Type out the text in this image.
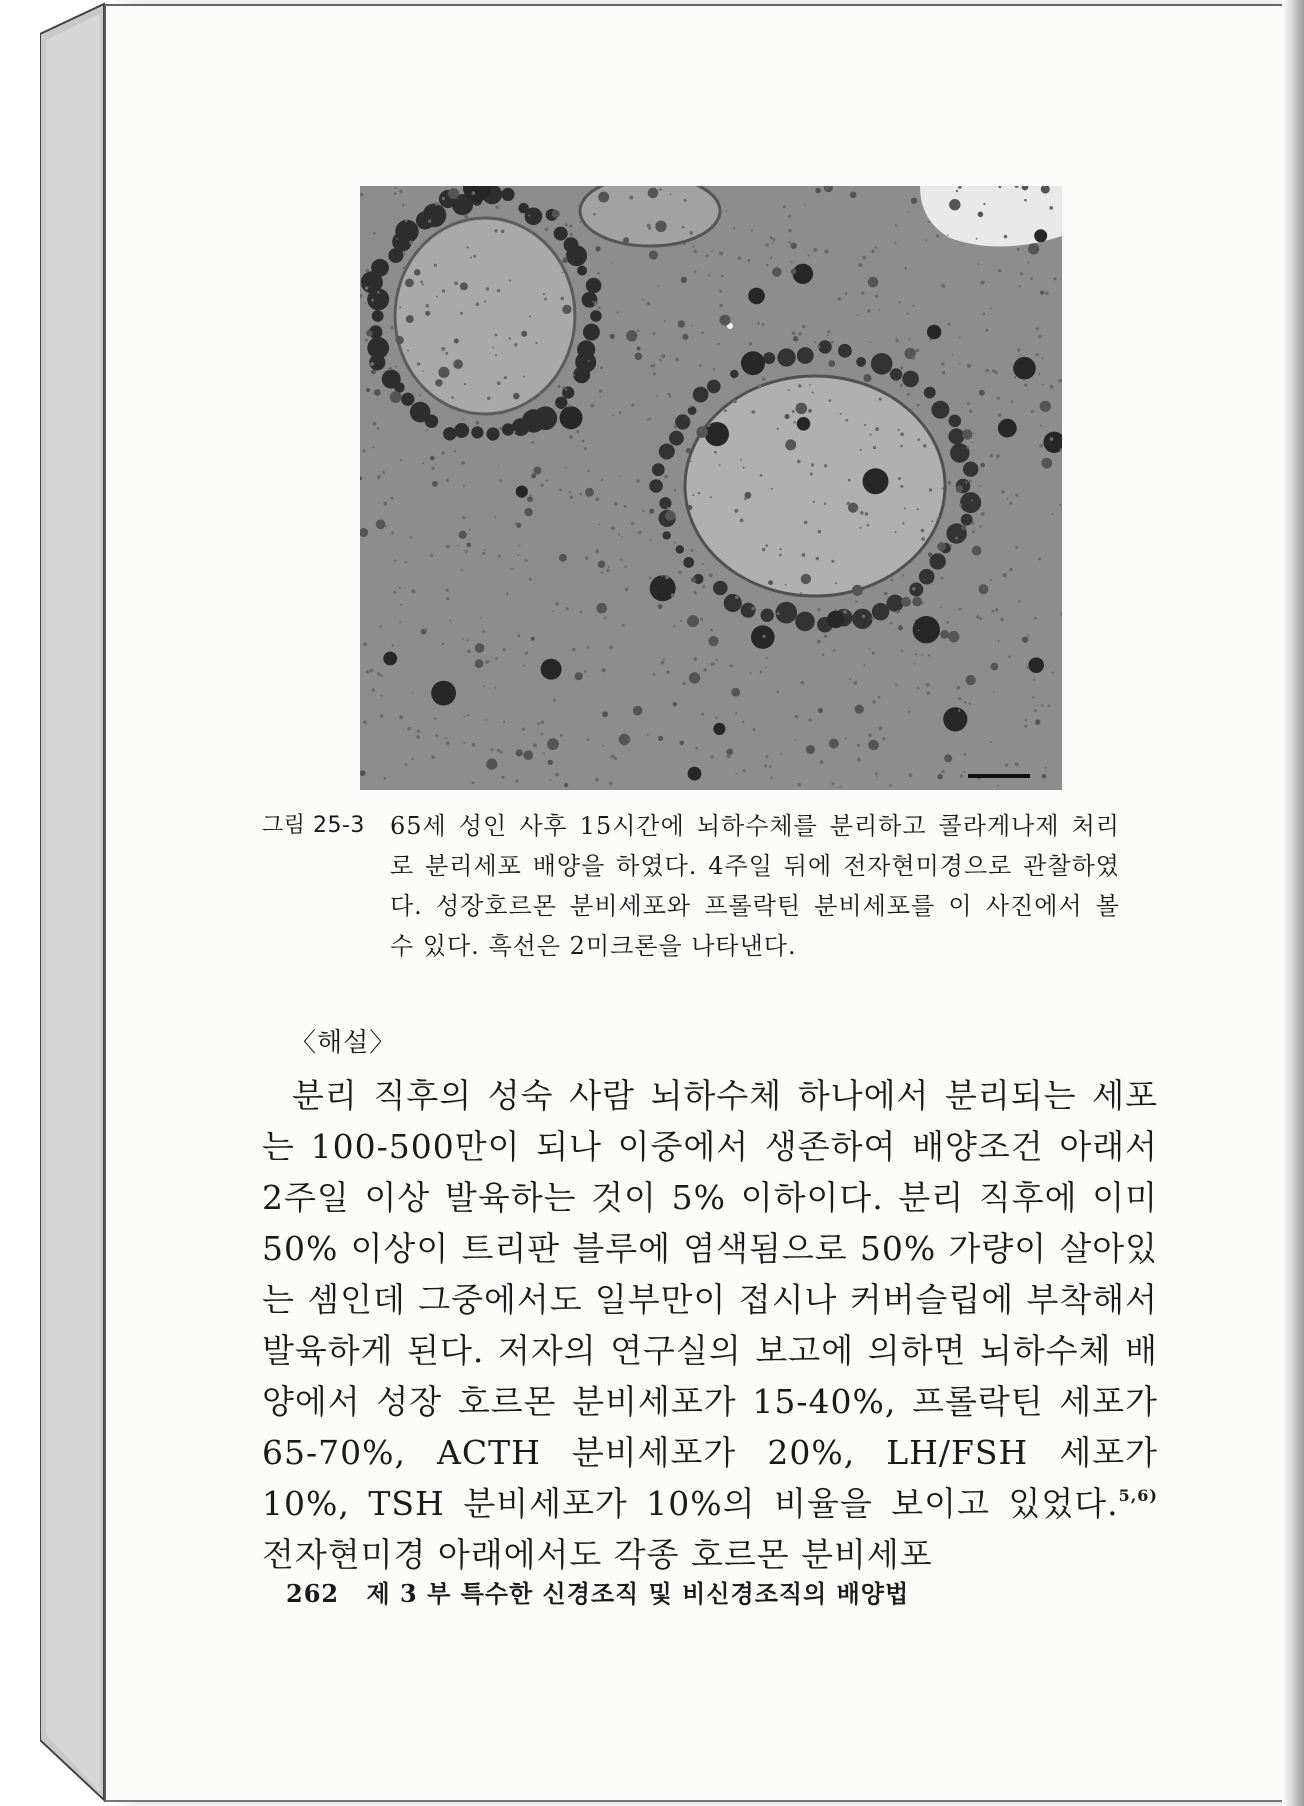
그림 25-3 65세 성인 사후 15시간에 뇌하수체를 분리하고 콜라게나제 처리로 분리세포 배양을 하였다. 4주일 뒤에 전자현미경으로 관찰하였다. 성장호르몬 분비세포와 프롤락틴 분비세포를 이 사진에서 볼 수 있다. 흑선은 2미크론을 나타낸다.
〈해설〉
분리 직후의 성숙 사람 뇌하수체 하나에서 분리되는 세포는 100-500만이 되나 이중에서 생존하여 배양조건 아래서 2주일 이상 발육하는 것이 5% 이하이다. 분리 직후에 이미 50% 이상이 트리판 블루에 염색됨으로 50% 가량이 살아있는 셈인데 그중에서도 일부만이 접시나 커버슬립에 부착해서 발육하게 된다. 저자의 연구실의 보고에 의하면 뇌하수체 배양에서 성장 호르몬 분비세포가 15-40%, 프롤락틴 세포가 65-70%, ACTH 분비세포가 20%, LH/FSH 세포가 10%, TSH 분비세포가 10%의 비율을 보이고 있었다.$^{5,6)}$ 전자현미경 아래에서도 각종 호르몬 분비세포
262 제 3 부 특수한 신경조직 및 비신경조직의 배양법
